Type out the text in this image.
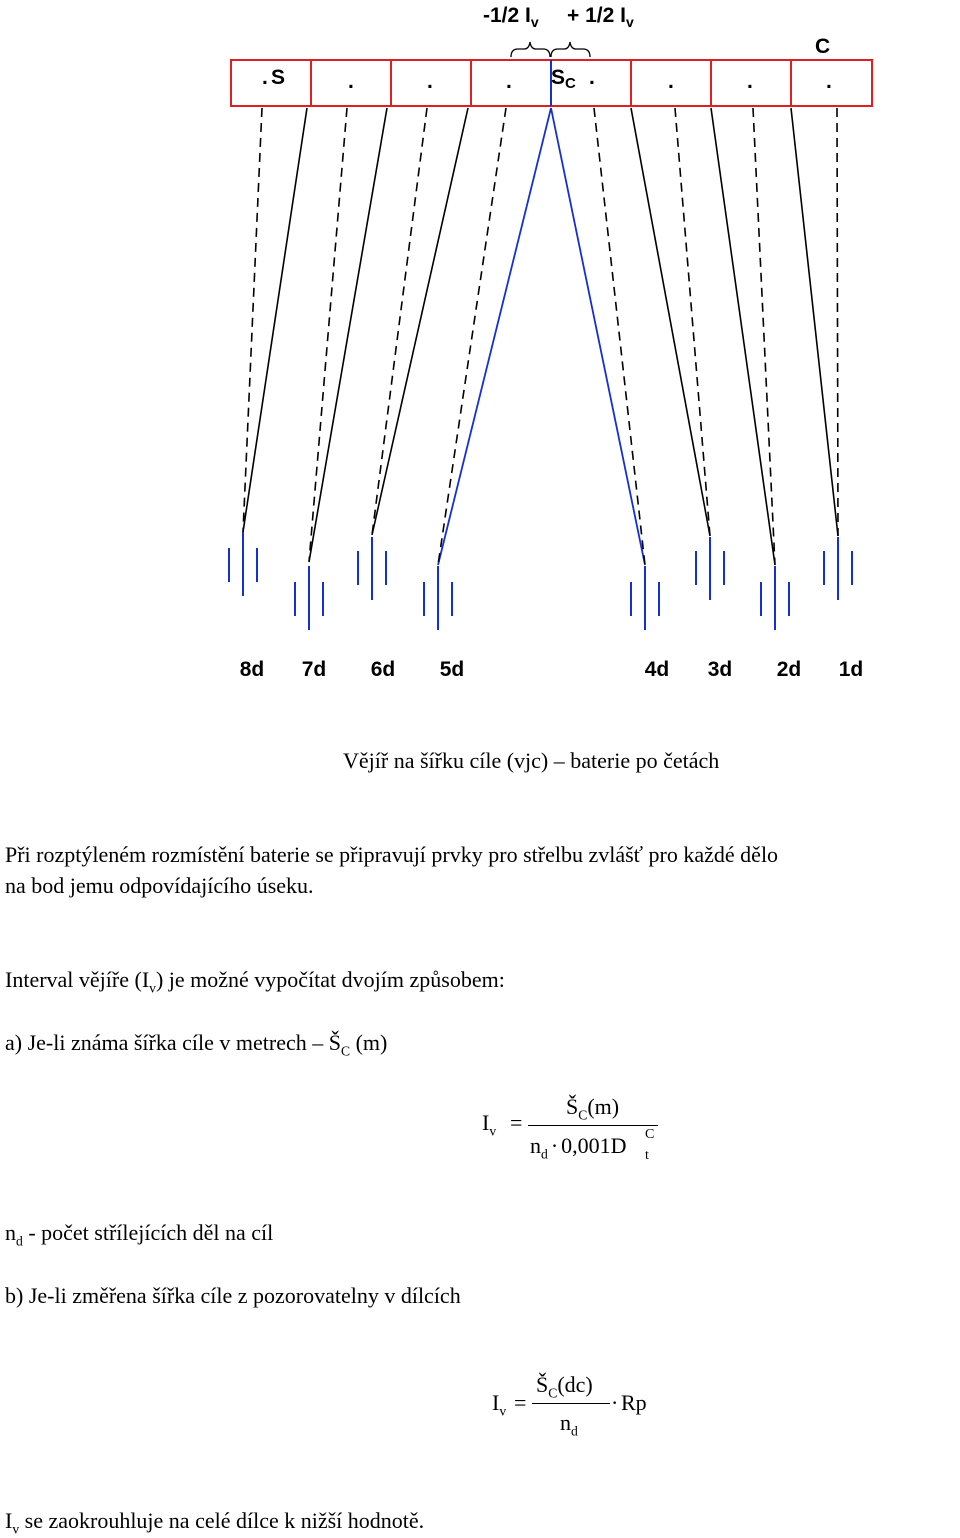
-1/2 $I_v + 1/2$ $I_v$
C
. S	.	.	. SC .	.	.	.
8d 7d 6d 5d	4d 3d 2d 1d
Vějíř na šířku cíle (vjc) – baterie po četách
Při rozptýleném rozmístění baterie se připravují prvky pro střelbu zvlášť pro každé dělo
na bod jemu odpovídajícího úseku.
Interval vějíře $(I_v)$ je možné vypočítat dvojím způsobem:
a) Je-li známa šířka cíle v metrech – $Š_C$ (m)
$I_v$ =
$Š_C(m)$
$n_d \cdot 0,001D$ C
t
$n_d$ - počet střílejících děl na cíl
b) Je-li změřena šířka cíle z pozorovatelny v dílcích
$I_v$ =
$Š_C(dc)$
$n_d$
· Rp
$I_v$ se zaokrouhluje na celé dílce k nižší hodnotě.
